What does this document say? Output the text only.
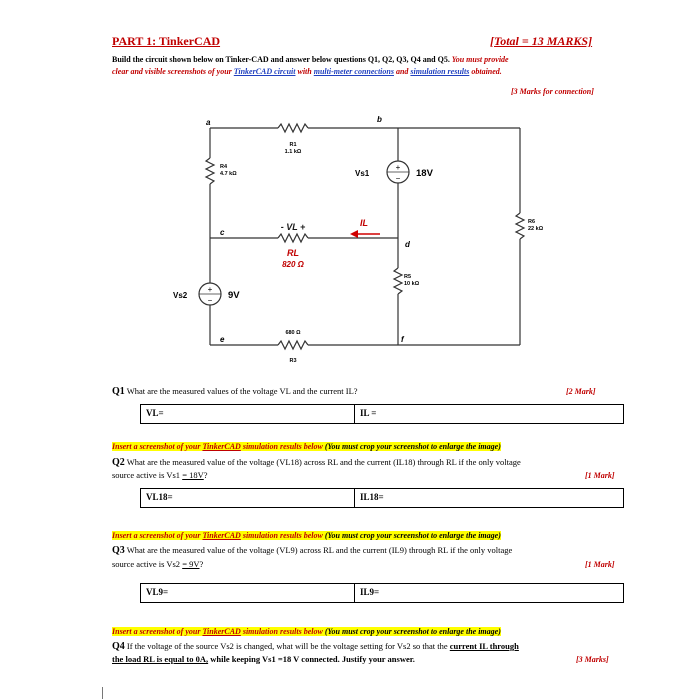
PART 1: TinkerCAD	[Total = 13 MARKS]
Build the circuit shown below on Tinker-CAD and answer below questions Q1, Q2, Q3, Q4 and Q5. You must provide
clear and visible screenshots of your TinkerCAD circuit with multi-meter connections and simulation results obtained.
[3 Marks for connection]
+
−
+
−
a	b
c
d
e	f
R1
1.1 kΩ
R4
4.7 kΩ
R6
22 kΩ
R5
10 kΩ
680 Ω
R3
- VL +
RL
820 Ω
IL
Vs1	18V
Vs2	9V
Q1 What are the measured values of the voltage VL and the current IL?	[2 Mark]
VL=	IL =
Insert a screenshot of your TinkerCAD simulation results below (You must crop your screenshot to enlarge the image)
Q2 What are the measured value of the voltage (VL18) across RL and the current (IL18) through RL if the only voltage
source active is Vs1 = 18V?	[1 Mark]
VL18=	IL18=
Insert a screenshot of your TinkerCAD simulation results below (You must crop your screenshot to enlarge the image)
Q3 What are the measured value of the voltage (VL9) across RL and the current (IL9) through RL if the only voltage
source active is Vs2 = 9V?	[1 Mark]
VL9=	IL9=
Insert a screenshot of your TinkerCAD simulation results below (You must crop your screenshot to enlarge the image)
Q4 If the voltage of the source Vs2 is changed, what will be the voltage setting for Vs2 so that the current IL through
the load RL is equal to 0A, while keeping Vs1 =18 V connected. Justify your answer.	[3 Marks]
